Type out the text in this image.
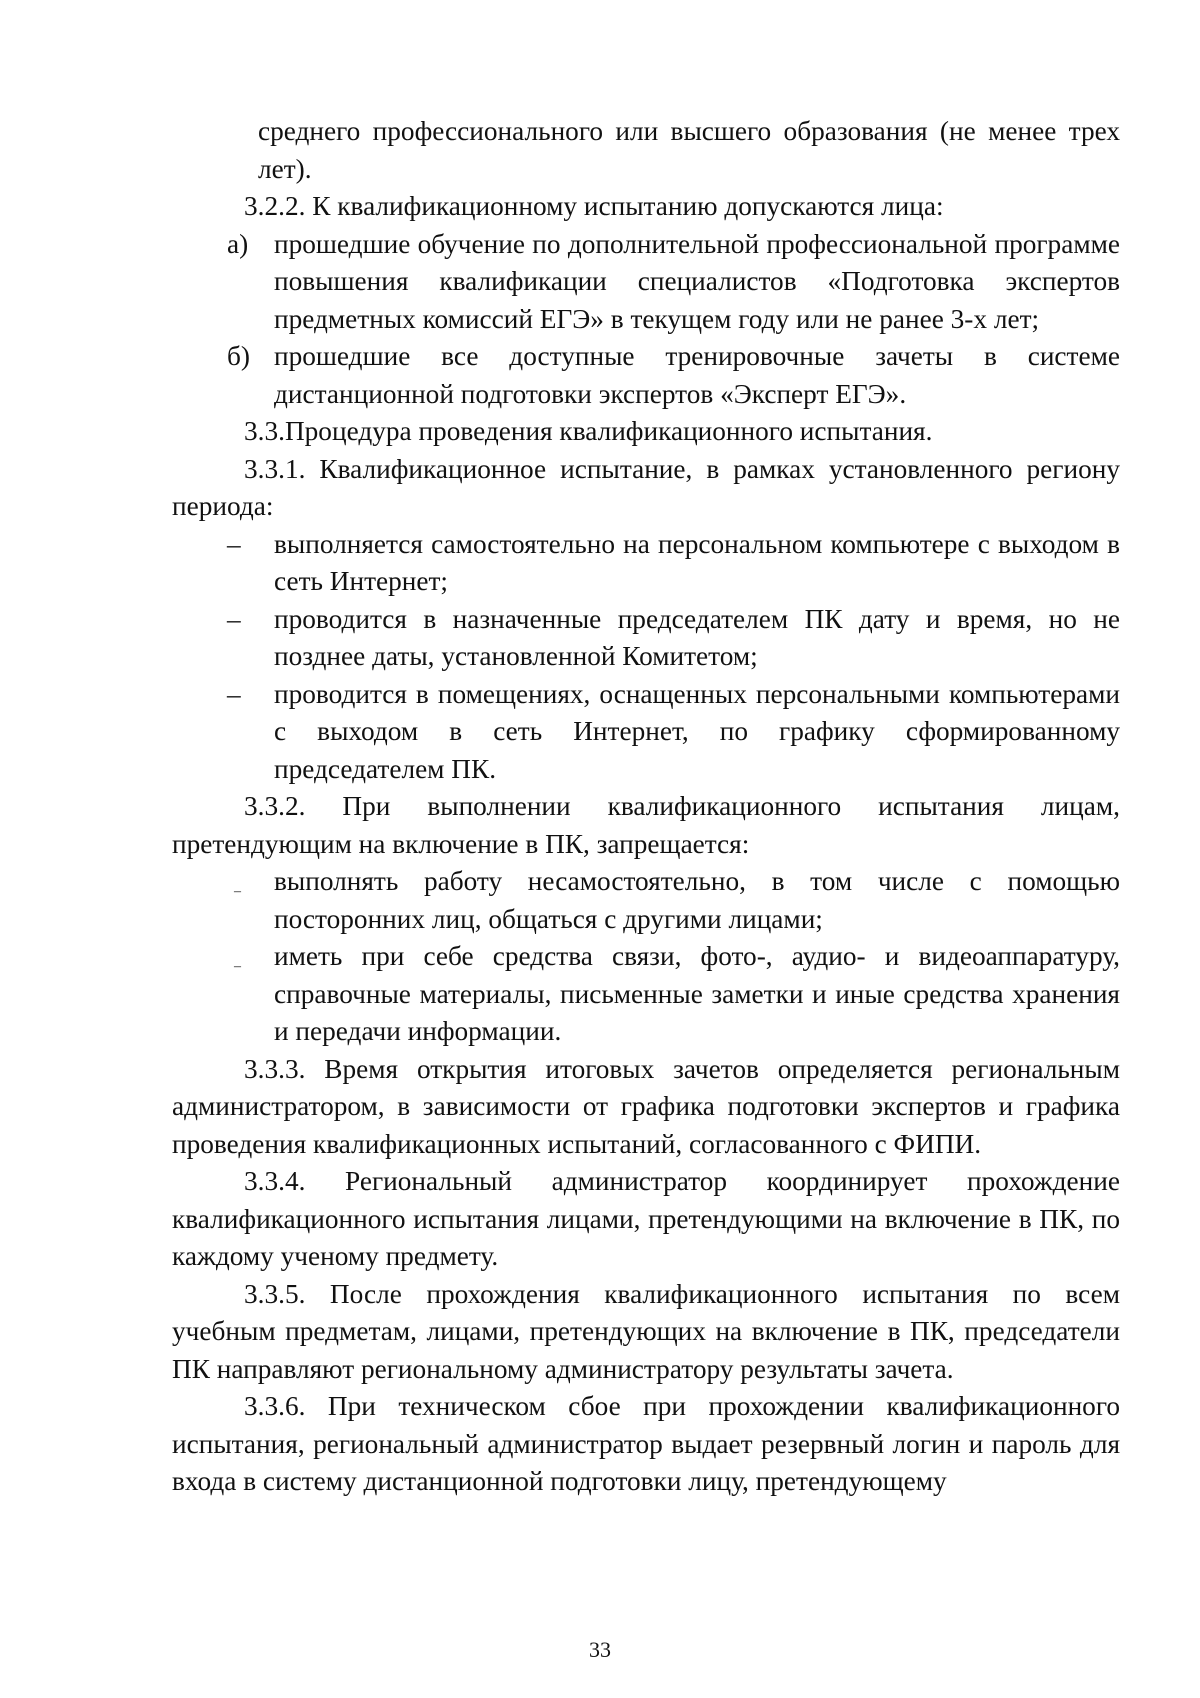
среднего профессионального или высшего образования (не менее трех лет).

3.2.2. К квалификационному испытанию допускаются лица:

а) прошедшие обучение по дополнительной профессиональной программе повышения квалификации специалистов «Подготовка экспертов предметных комиссий ЕГЭ» в текущем году или не ранее 3-х лет;

б) прошедшие все доступные тренировочные зачеты в системе дистанционной подготовки экспертов «Эксперт ЕГЭ».

3.3.Процедура проведения квалификационного испытания.

3.3.1. Квалификационное испытание, в рамках установленного региону периода:

– выполняется самостоятельно на персональном компьютере с выходом в сеть Интернет;

– проводится в назначенные председателем ПК дату и время, но не позднее даты, установленной Комитетом;

– проводится в помещениях, оснащенных персональными компьютерами с выходом в сеть Интернет, по графику сформированному председателем ПК.

3.3.2. При выполнении квалификационного испытания лицам, претендующим на включение в ПК, запрещается:

– выполнять работу несамостоятельно, в том числе с помощью посторонних лиц, общаться с другими лицами;

– иметь при себе средства связи, фото-, аудио- и видеоаппаратуру, справочные материалы, письменные заметки и иные средства хранения и передачи информации.

3.3.3. Время открытия итоговых зачетов определяется региональным администратором, в зависимости от графика подготовки экспертов и графика проведения квалификационных испытаний, согласованного с ФИПИ.

3.3.4. Региональный администратор координирует прохождение квалификационного испытания лицами, претендующими на включение в ПК, по каждому ученому предмету.

3.3.5. После прохождения квалификационного испытания по всем учебным предметам, лицами, претендующих на включение в ПК, председатели ПК направляют региональному администратору результаты зачета.

3.3.6. При техническом сбое при прохождении квалификационного испытания, региональный администратор выдает резервный логин и пароль для входа в систему дистанционной подготовки лицу, претендующему

33
